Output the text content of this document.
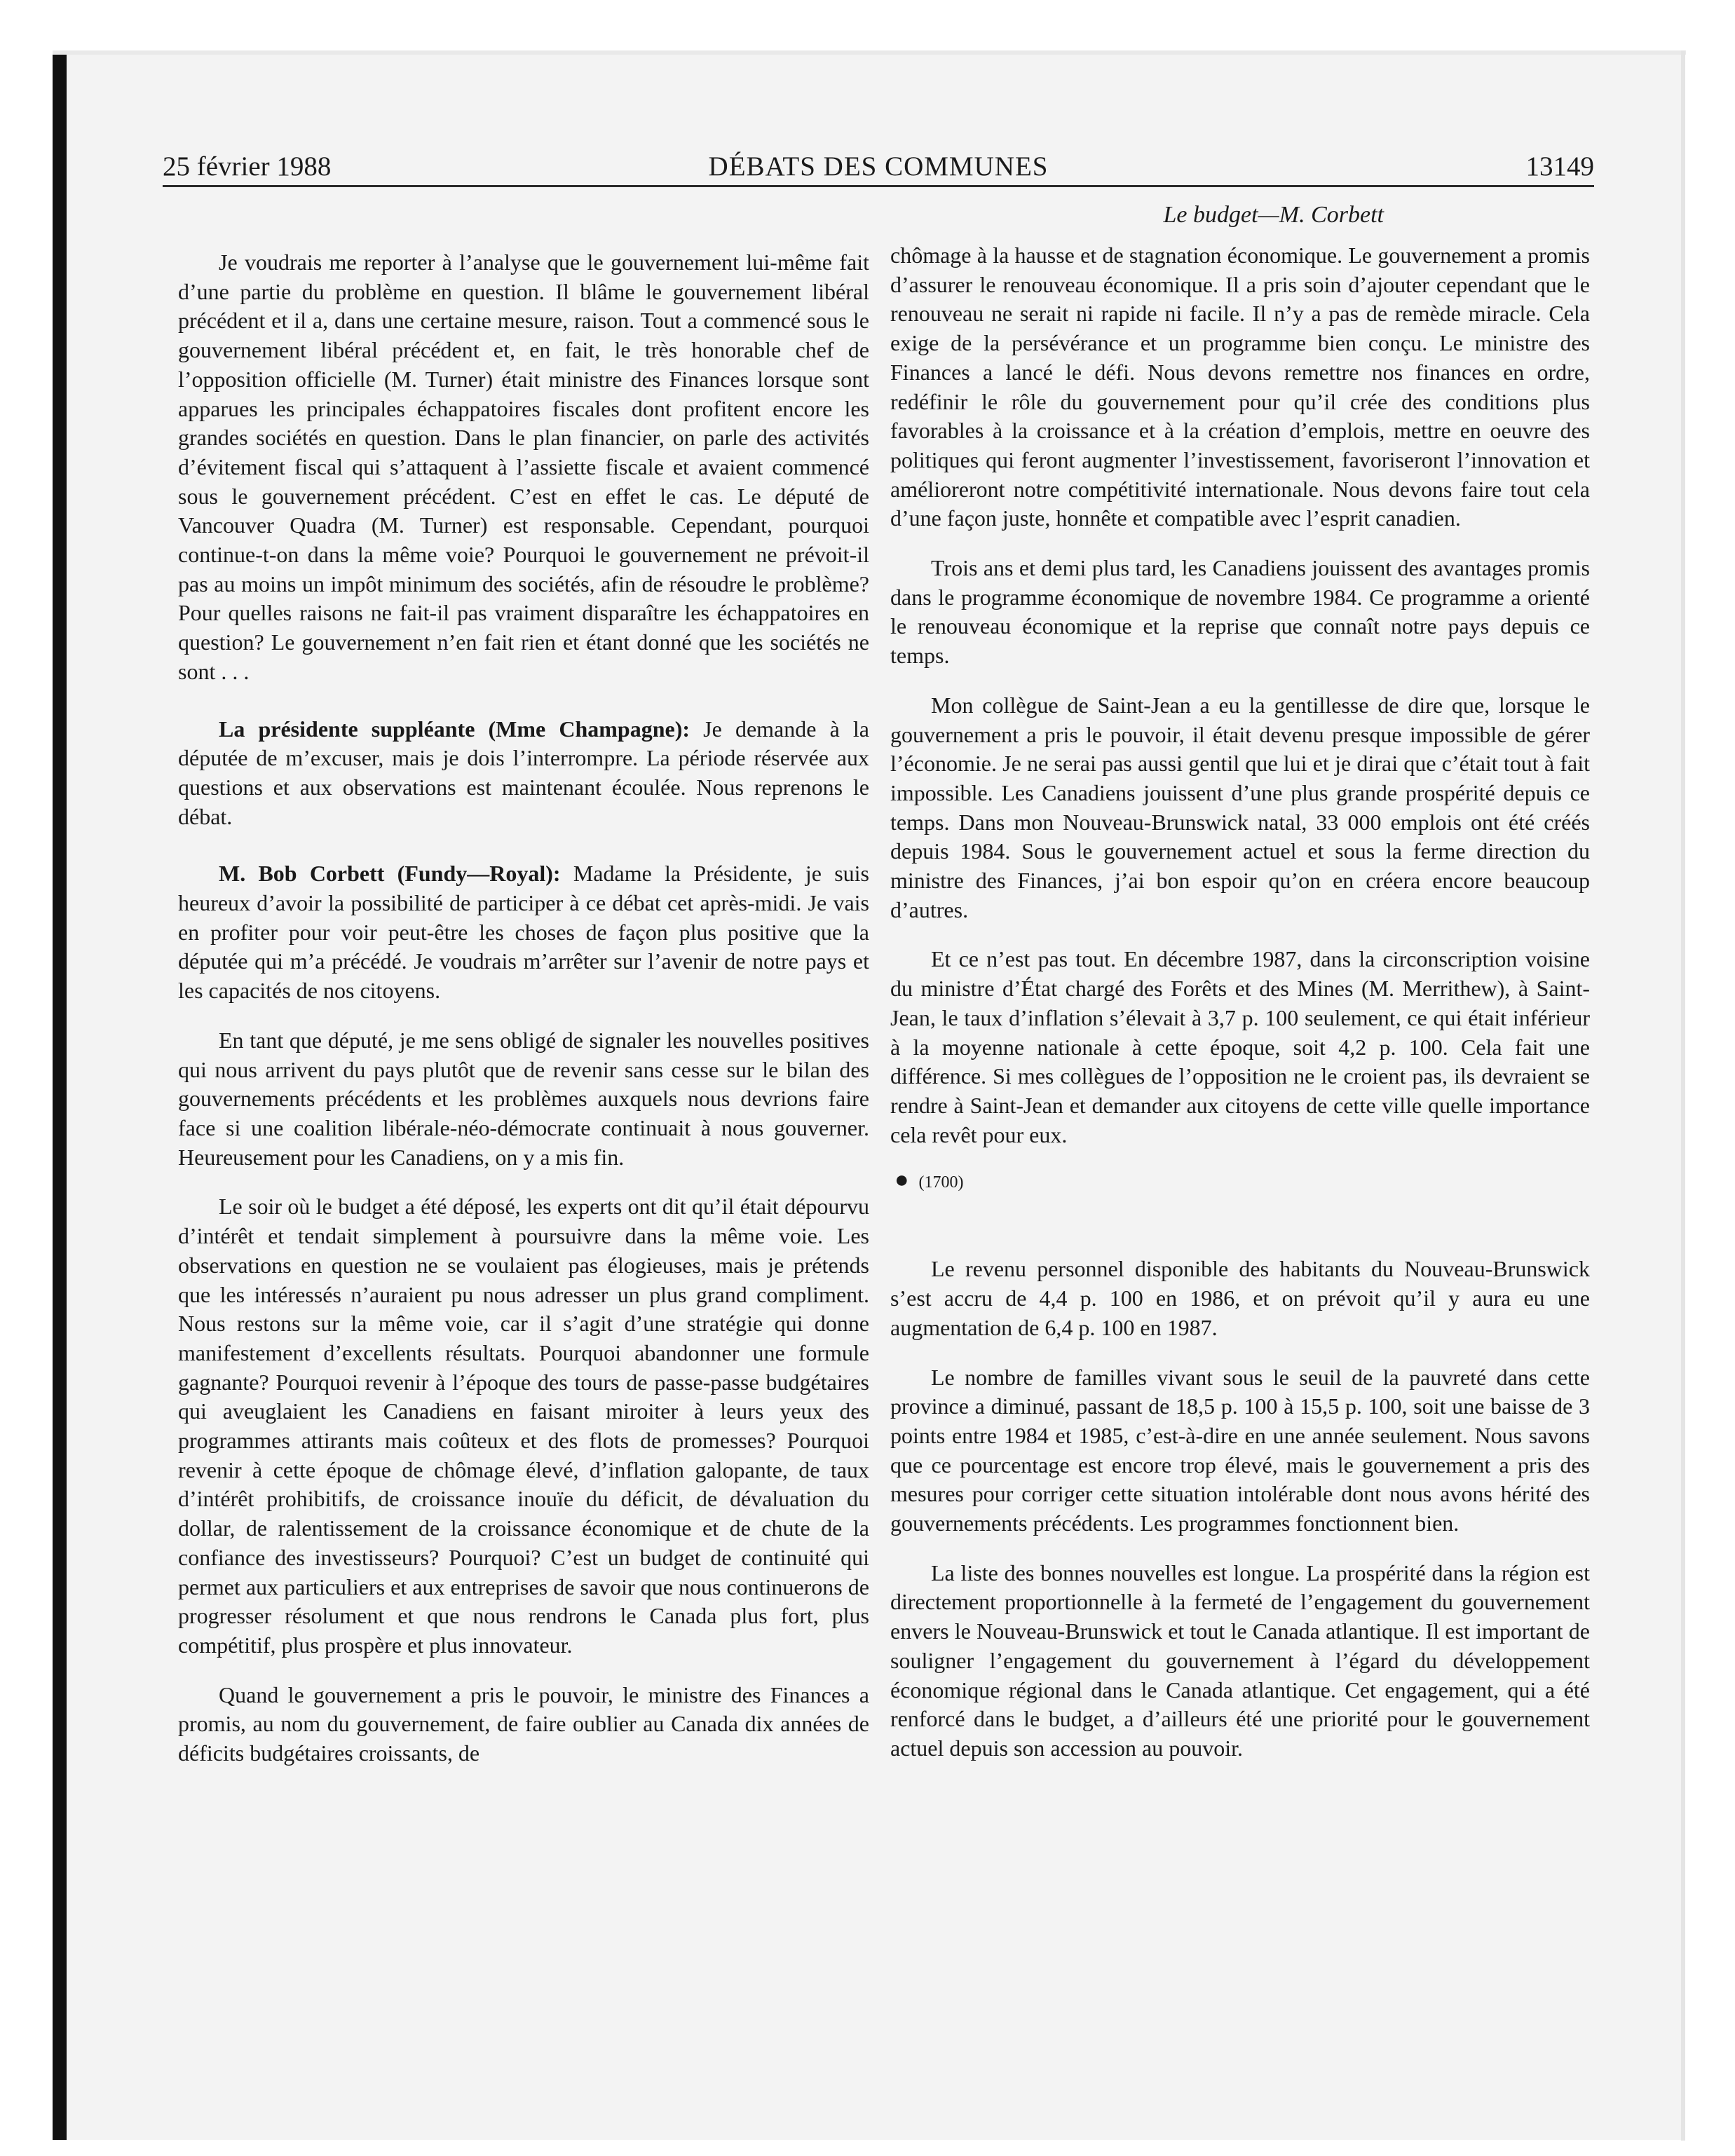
25 février 1988	DÉBATS DES COMMUNES	13149
Le budget—M. Corbett

Je voudrais me reporter à l’analyse que le gouvernement lui-même fait d’une partie du problème en question. Il blâme le gouvernement libéral précédent et il a, dans une certaine mesure, raison. Tout a commencé sous le gouvernement libéral précédent et, en fait, le très honorable chef de l’opposition officielle (M. Turner) était ministre des Finances lorsque sont apparues les principales échappatoires fiscales dont profitent encore les grandes sociétés en question. Dans le plan financier, on parle des activités d’évitement fiscal qui s’attaquent à l’assiette fiscale et avaient commencé sous le gouvernement précédent. C’est en effet le cas. Le député de Vancouver Quadra (M. Turner) est responsable. Cependant, pourquoi continue-t-on dans la même voie? Pourquoi le gouvernement ne prévoit-il pas au moins un impôt minimum des sociétés, afin de résoudre le problème? Pour quelles raisons ne fait-il pas vraiment disparaître les échappatoires en question? Le gouvernement n’en fait rien et étant donné que les sociétés ne sont . . .

La présidente suppléante (Mme Champagne): Je demande à la députée de m’excuser, mais je dois l’interrompre. La période réservée aux questions et aux observations est maintenant écoulée. Nous reprenons le débat.

M. Bob Corbett (Fundy—Royal): Madame la Présidente, je suis heureux d’avoir la possibilité de participer à ce débat cet après-midi. Je vais en profiter pour voir peut-être les choses de façon plus positive que la députée qui m’a précédé. Je voudrais m’arrêter sur l’avenir de notre pays et les capacités de nos citoyens.

En tant que député, je me sens obligé de signaler les nouvelles positives qui nous arrivent du pays plutôt que de revenir sans cesse sur le bilan des gouvernements précédents et les problèmes auxquels nous devrions faire face si une coalition libérale-néo-démocrate continuait à nous gouverner. Heureusement pour les Canadiens, on y a mis fin.

Le soir où le budget a été déposé, les experts ont dit qu’il était dépourvu d’intérêt et tendait simplement à poursuivre dans la même voie. Les observations en question ne se voulaient pas élogieuses, mais je prétends que les intéressés n’auraient pu nous adresser un plus grand compliment. Nous restons sur la même voie, car il s’agit d’une stratégie qui donne manifestement d’excellents résultats. Pourquoi abandonner une formule gagnante? Pourquoi revenir à l’époque des tours de passe-passe budgétaires qui aveuglaient les Canadiens en faisant miroiter à leurs yeux des programmes attirants mais coûteux et des flots de promesses? Pourquoi revenir à cette époque de chômage élevé, d’inflation galopante, de taux d’intérêt prohibitifs, de croissance inouïe du déficit, de dévaluation du dollar, de ralentissement de la croissance économique et de chute de la confiance des investisseurs? Pourquoi? C’est un budget de continuité qui permet aux particuliers et aux entreprises de savoir que nous continuerons de progresser résolument et que nous rendrons le Canada plus fort, plus compétitif, plus prospère et plus innovateur.

Quand le gouvernement a pris le pouvoir, le ministre des Finances a promis, au nom du gouvernement, de faire oublier au Canada dix années de déficits budgétaires croissants, de

chômage à la hausse et de stagnation économique. Le gouvernement a promis d’assurer le renouveau économique. Il a pris soin d’ajouter cependant que le renouveau ne serait ni rapide ni facile. Il n’y a pas de remède miracle. Cela exige de la persévérance et un programme bien conçu. Le ministre des Finances a lancé le défi. Nous devons remettre nos finances en ordre, redéfinir le rôle du gouvernement pour qu’il crée des conditions plus favorables à la croissance et à la création d’emplois, mettre en oeuvre des politiques qui feront augmenter l’investissement, favoriseront l’innovation et amélioreront notre compétitivité internationale. Nous devons faire tout cela d’une façon juste, honnête et compatible avec l’esprit canadien.

Trois ans et demi plus tard, les Canadiens jouissent des avantages promis dans le programme économique de novembre 1984. Ce programme a orienté le renouveau économique et la reprise que connaît notre pays depuis ce temps.

Mon collègue de Saint-Jean a eu la gentillesse de dire que, lorsque le gouvernement a pris le pouvoir, il était devenu presque impossible de gérer l’économie. Je ne serai pas aussi gentil que lui et je dirai que c’était tout à fait impossible. Les Canadiens jouissent d’une plus grande prospérité depuis ce temps. Dans mon Nouveau-Brunswick natal, 33 000 emplois ont été créés depuis 1984. Sous le gouvernement actuel et sous la ferme direction du ministre des Finances, j’ai bon espoir qu’on en créera encore beaucoup d’autres.

Et ce n’est pas tout. En décembre 1987, dans la circonscription voisine du ministre d’État chargé des Forêts et des Mines (M. Merrithew), à Saint-Jean, le taux d’inflation s’élevait à 3,7 p. 100 seulement, ce qui était inférieur à la moyenne nationale à cette époque, soit 4,2 p. 100. Cela fait une différence. Si mes collègues de l’opposition ne le croient pas, ils devraient se rendre à Saint-Jean et demander aux citoyens de cette ville quelle importance cela revêt pour eux.

● (1700)

Le revenu personnel disponible des habitants du Nouveau-Brunswick s’est accru de 4,4 p. 100 en 1986, et on prévoit qu’il y aura eu une augmentation de 6,4 p. 100 en 1987.

Le nombre de familles vivant sous le seuil de la pauvreté dans cette province a diminué, passant de 18,5 p. 100 à 15,5 p. 100, soit une baisse de 3 points entre 1984 et 1985, c’est-à-dire en une année seulement. Nous savons que ce pourcentage est encore trop élevé, mais le gouvernement a pris des mesures pour corriger cette situation intolérable dont nous avons hérité des gouvernements précédents. Les programmes fonctionnent bien.

La liste des bonnes nouvelles est longue. La prospérité dans la région est directement proportionnelle à la fermeté de l’engagement du gouvernement envers le Nouveau-Brunswick et tout le Canada atlantique. Il est important de souligner l’engagement du gouvernement à l’égard du développement économique régional dans le Canada atlantique. Cet engagement, qui a été renforcé dans le budget, a d’ailleurs été une priorité pour le gouvernement actuel depuis son accession au pouvoir.
